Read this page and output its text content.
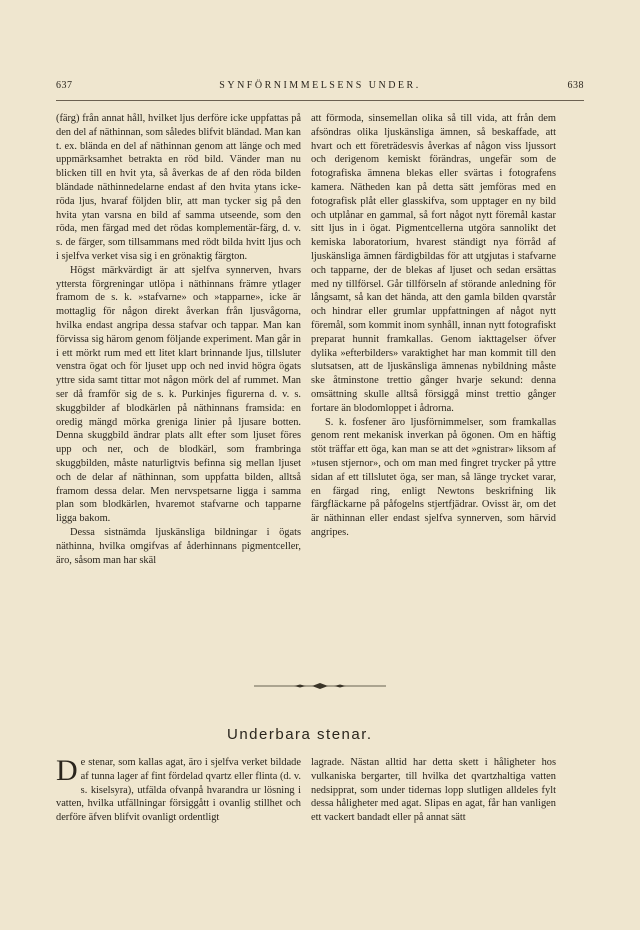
637	SYNFÖRNIMMELSENS UNDER.	638

(färg) från annat håll, hvilket ljus derföre icke uppfattas på den del af näthinnan, som således blifvit bländad. Man kan t. ex. blända en del af näthinnan genom att länge och med uppmärksamhet betrakta en röd bild. Vänder man nu blicken till en hvit yta, så åverkas de af den röda bilden bländade näthinnedelarne endast af den hvita ytans icke-röda ljus, hvaraf följden blir, att man tycker sig på den hvita ytan varsna en bild af samma utseende, som den röda, men färgad med det rödas komplementär-färg, d. v. s. de färger, som tillsammans med rödt bilda hvitt ljus och i sjelfva verket visa sig i en grönaktig färgton.

Högst märkvärdigt är att sjelfva synnerven, hvars yttersta förgreningar utlöpa i näthinnans främre ytlager framom de s. k. »stafvarne» och »tapparne», icke är mottaglig för någon direkt åverkan från ljusvågorna, hvilka endast angripa dessa stafvar och tappar. Man kan förvissa sig härom genom följande experiment. Man går in i ett mörkt rum med ett litet klart brinnande ljus, tillsluter venstra ögat och för ljuset upp och ned invid högra ögats yttre sida samt tittar mot någon mörk del af rummet. Man ser då framför sig de s. k. Purkinjes figurerna d. v. s. skuggbilder af blodkärlen på näthinnans framsida: en oredig mängd mörka greniga linier på ljusare botten. Denna skuggbild ändrar plats allt efter som ljuset föres upp och ner, och de blodkärl, som frambringa skuggbilden, måste naturligtvis befinna sig mellan ljuset och de delar af näthinnan, som uppfatta bilden, alltså framom dessa delar. Men nervspetsarne ligga i samma plan som blodkärlen, hvaremot stafvarne och tapparne ligga bakom.

Dessa sistnämda ljuskänsliga bildningar i ögats näthinna, hvilka omgifvas af åderhinnans pigmentceller, äro, såsom man har skäl

att förmoda, sinsemellan olika så till vida, att från dem afsöndras olika ljuskänsliga ämnen, så beskaffade, att hvart och ett företrädesvis åverkas af någon viss ljussort och derigenom kemiskt förändras, ungefär som de fotografiska ämnena blekas eller svärtas i fotografens kamera. Nätheden kan på detta sätt jemföras med en fotografisk plåt eller glasskifva, som upptager en ny bild och utplånar en gammal, så fort något nytt föremål kastar sitt ljus in i ögat. Pigmentcellerna utgöra sannolikt det kemiska laboratorium, hvarest ständigt nya förråd af ljuskänsliga ämnen färdigbildas för att utgjutas i stafvarne och tapparne, der de blekas af ljuset och sedan ersättas med ny tillförsel. Går tillförseln af störande anledning för långsamt, så kan det hända, att den gamla bilden qvarstår och hindrar eller grumlar uppfattningen af något nytt föremål, som kommit inom synhåll, innan nytt fotografiskt preparat hunnit framkallas. Genom iakttagelser öfver dylika »efterbilders» varaktighet har man kommit till den slutsatsen, att de ljuskänsliga ämnenas nybildning måste ske åtminstone trettio gånger hvarje sekund: denna omsättning skulle alltså försiggå minst trettio gånger fortare än blodomloppet i ådrorna.

S. k. fosfener äro ljusförnimmelser, som framkallas genom rent mekanisk inverkan på ögonen. Om en häftig stöt träffar ett öga, kan man se att det »gnistrar» liksom af »tusen stjernor», och om man med fingret trycker på yttre sidan af ett tillslutet öga, ser man, så länge trycket varar, en färgad ring, enligt Newtons beskrifning lik färgfläckarne på påfogelns stjertfjädrar. Ovisst är, om det är näthinnan eller endast sjelfva synnerven, som härvid angripes.

Underbara stenar.

De stenar, som kallas agat, äro i sjelfva verket bildade af tunna lager af fint fördelad qvartz eller flinta (d. v. s. kiselsyra), utfälda ofvanpå hvarandra ur lösning i vatten, hvilka utfällningar försiggått i ovanlig stillhet och derföre äfven blifvit ovanligt ordentligt

lagrade. Nästan alltid har detta skett i håligheter hos vulkaniska bergarter, till hvilka det qvartzhaltiga vatten nedsipprat, som under tidernas lopp slutligen alldeles fylt dessa håligheter med agat. Slipas en agat, får han vanligen ett vackert bandadt eller på annat sätt
